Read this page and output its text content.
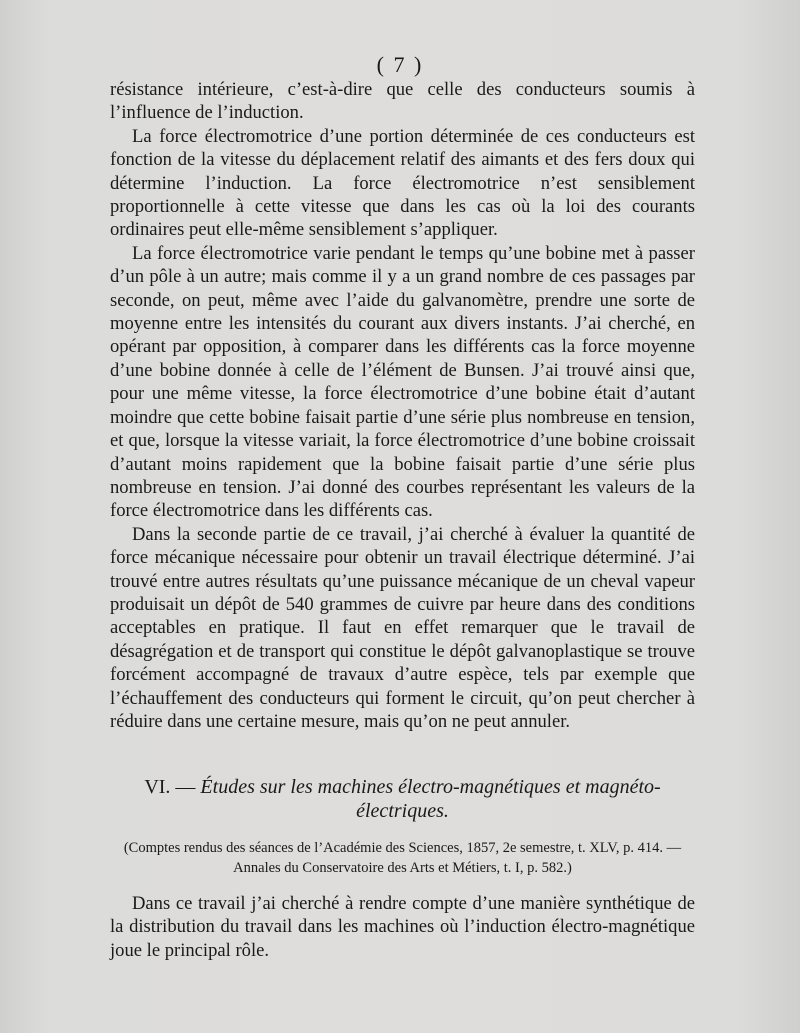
( 7 )

résistance intérieure, c’est-à-dire que celle des conducteurs soumis à l’influence de l’induction.

La force électromotrice d’une portion déterminée de ces conducteurs est fonction de la vitesse du déplacement relatif des aimants et des fers doux qui détermine l’induction. La force électromotrice n’est sensiblement proportionnelle à cette vitesse que dans les cas où la loi des courants ordinaires peut elle-même sensiblement s’appliquer.

La force électromotrice varie pendant le temps qu’une bobine met à passer d’un pôle à un autre; mais comme il y a un grand nombre de ces passages par seconde, on peut, même avec l’aide du galvanomètre, prendre une sorte de moyenne entre les intensités du courant aux divers instants. J’ai cherché, en opérant par opposition, à comparer dans les différents cas la force moyenne d’une bobine donnée à celle de l’élément de Bunsen. J’ai trouvé ainsi que, pour une même vitesse, la force électromotrice d’une bobine était d’autant moindre que cette bobine faisait partie d’une série plus nombreuse en tension, et que, lorsque la vitesse variait, la force électromotrice d’une bobine croissait d’autant moins rapidement que la bobine faisait partie d’une série plus nombreuse en tension. J’ai donné des courbes représentant les valeurs de la force électromotrice dans les différents cas.

Dans la seconde partie de ce travail, j’ai cherché à évaluer la quantité de force mécanique nécessaire pour obtenir un travail électrique déterminé. J’ai trouvé entre autres résultats qu’une puissance mécanique de un cheval vapeur produisait un dépôt de 540 grammes de cuivre par heure dans des conditions acceptables en pratique. Il faut en effet remarquer que le travail de désagrégation et de transport qui constitue le dépôt galvanoplastique se trouve forcément accompagné de travaux d’autre espèce, tels par exemple que l’échauffement des conducteurs qui forment le circuit, qu’on peut chercher à réduire dans une certaine mesure, mais qu’on ne peut annuler.

VI. — Études sur les machines électro-magnétiques et magnéto-électriques.
(Comptes rendus des séances de l’Académie des Sciences, 1857, 2e semestre, t. XLV, p. 414. —
Annales du Conservatoire des Arts et Métiers, t. I, p. 582.)

Dans ce travail j’ai cherché à rendre compte d’une manière synthétique de la distribution du travail dans les machines où l’induction électro-magnétique joue le principal rôle.
